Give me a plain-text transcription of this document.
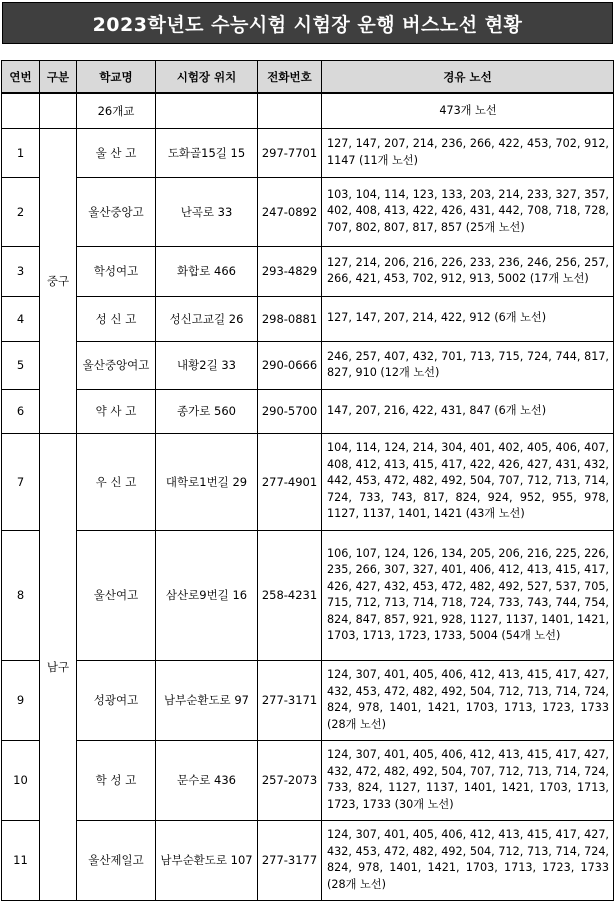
2023학년도 수능시험 시험장 운행 버스노선 현황
연번	구분	학교명	시험장 위치	전화번호	경유 노선
		26개교			473개 노선
1	중구	울 산 고	도화골15길 15	297-7701	127, 147, 207, 214, 236, 266, 422, 453, 702, 912, 1147 (11개 노선)
2		울산중앙고	난곡로 33	247-0892	103, 104, 114, 123, 133, 203, 214, 233, 327, 357, 402, 408, 413, 422, 426, 431, 442, 708, 718, 728, 707, 802, 807, 817, 857 (25개 노선)
3		학성여고	화합로 466	293-4829	127, 214, 206, 216, 226, 233, 236, 246, 256, 257, 266, 421, 453, 702, 912, 913, 5002 (17개 노선)
4		성 신 고	성신고교길 26	298-0881	127, 147, 207, 214, 422, 912 (6개 노선)
5		울산중앙여고	내황2길 33	290-0666	246, 257, 407, 432, 701, 713, 715, 724, 744, 817, 827, 910 (12개 노선)
6		약 사 고	종가로 560	290-5700	147, 207, 216, 422, 431, 847 (6개 노선)
7	남구	우 신 고	대학로1번길 29	277-4901	104, 114, 124, 214, 304, 401, 402, 405, 406, 407, 408, 412, 413, 415, 417, 422, 426, 427, 431, 432, 442, 453, 472, 482, 492, 504, 707, 712, 713, 714, 724, 733, 743, 817, 824, 924, 952, 955, 978, 1127, 1137, 1401, 1421 (43개 노선)
8		울산여고	삼산로9번길 16	258-4231	106, 107, 124, 126, 134, 205, 206, 216, 225, 226, 235, 266, 307, 327, 401, 406, 412, 413, 415, 417, 426, 427, 432, 453, 472, 482, 492, 527, 537, 705, 715, 712, 713, 714, 718, 724, 733, 743, 744, 754, 824, 847, 857, 921, 928, 1127, 1137, 1401, 1421, 1703, 1713, 1723, 1733, 5004 (54개 노선)
9		성광여고	남부순환도로 97	277-3171	124, 307, 401, 405, 406, 412, 413, 415, 417, 427, 432, 453, 472, 482, 492, 504, 712, 713, 714, 724, 824, 978, 1401, 1421, 1703, 1713, 1723, 1733 (28개 노선)
10		학 성 고	문수로 436	257-2073	124, 307, 401, 405, 406, 412, 413, 415, 417, 427, 432, 472, 482, 492, 504, 707, 712, 713, 714, 724, 733, 824, 1127, 1137, 1401, 1421, 1703, 1713, 1723, 1733 (30개 노선)
11		울산제일고	남부순환도로 107	277-3177	124, 307, 401, 405, 406, 412, 413, 415, 417, 427, 432, 453, 472, 482, 492, 504, 712, 713, 714, 724, 824, 978, 1401, 1421, 1703, 1713, 1723, 1733 (28개 노선)
